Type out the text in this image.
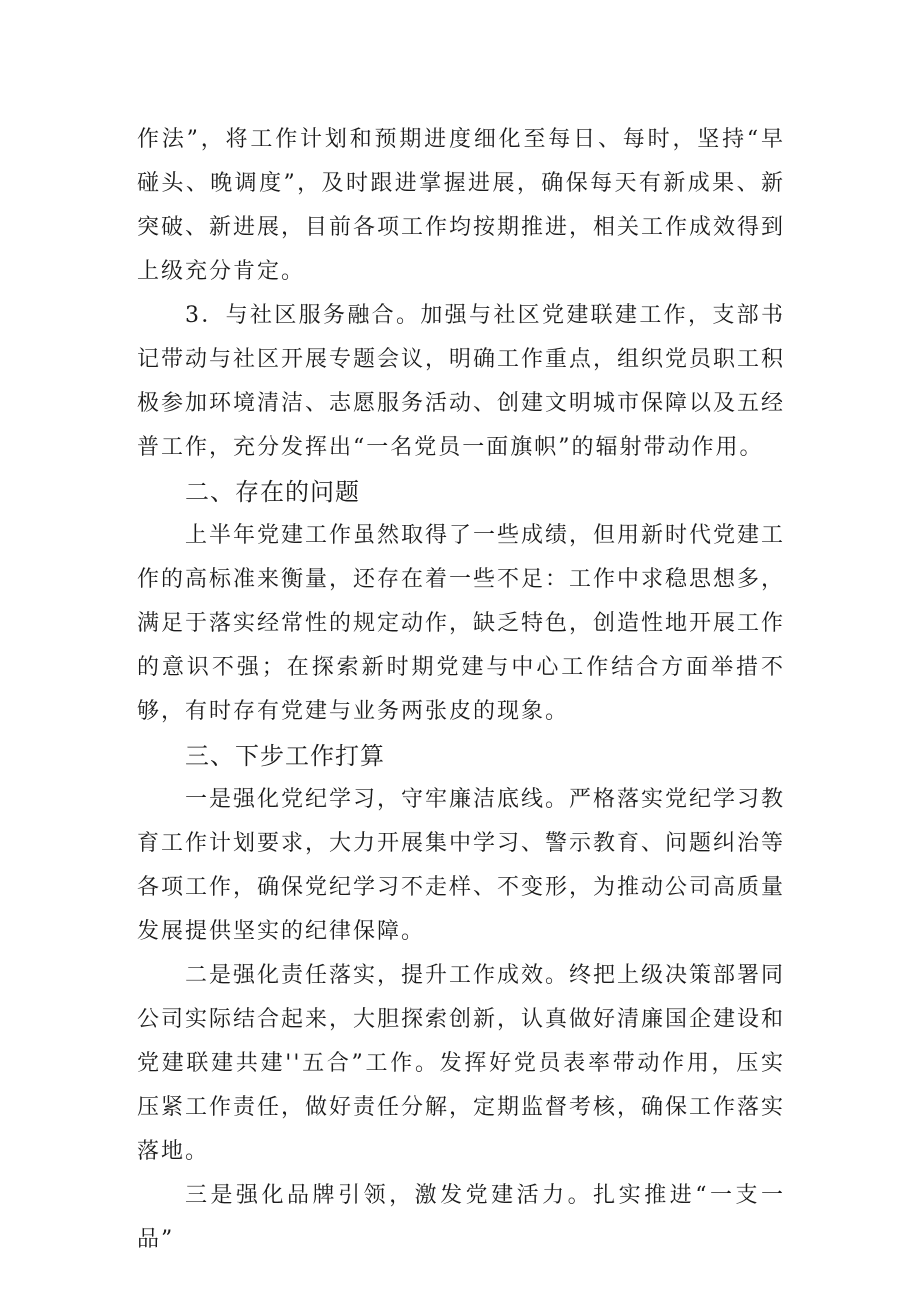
作法”，将工作计划和预期进度细化至每日、每时，坚持“早碰头、晚调度”，及时跟进掌握进展，确保每天有新成果、新突破、新进展，目前各项工作均按期推进，相关工作成效得到上级充分肯定。

3．与社区服务融合。加强与社区党建联建工作，支部书记带动与社区开展专题会议，明确工作重点，组织党员职工积极参加环境清洁、志愿服务活动、创建文明城市保障以及五经普工作，充分发挥出“一名党员一面旗帜”的辐射带动作用。

二、存在的问题

上半年党建工作虽然取得了一些成绩，但用新时代党建工作的高标准来衡量，还存在着一些不足：工作中求稳思想多，满足于落实经常性的规定动作，缺乏特色，创造性地开展工作的意识不强；在探索新时期党建与中心工作结合方面举措不够，有时存有党建与业务两张皮的现象。

三、下步工作打算

一是强化党纪学习，守牢廉洁底线。严格落实党纪学习教育工作计划要求，大力开展集中学习、警示教育、问题纠治等各项工作，确保党纪学习不走样、不变形，为推动公司高质量发展提供坚实的纪律保障。

二是强化责任落实，提升工作成效。终把上级决策部署同公司实际结合起来，大胆探索创新，认真做好清廉国企建设和党建联建共建''五合”工作。发挥好党员表率带动作用，压实压紧工作责任，做好责任分解，定期监督考核，确保工作落实落地。

三是强化品牌引领，激发党建活力。扎实推进“一支一品”
